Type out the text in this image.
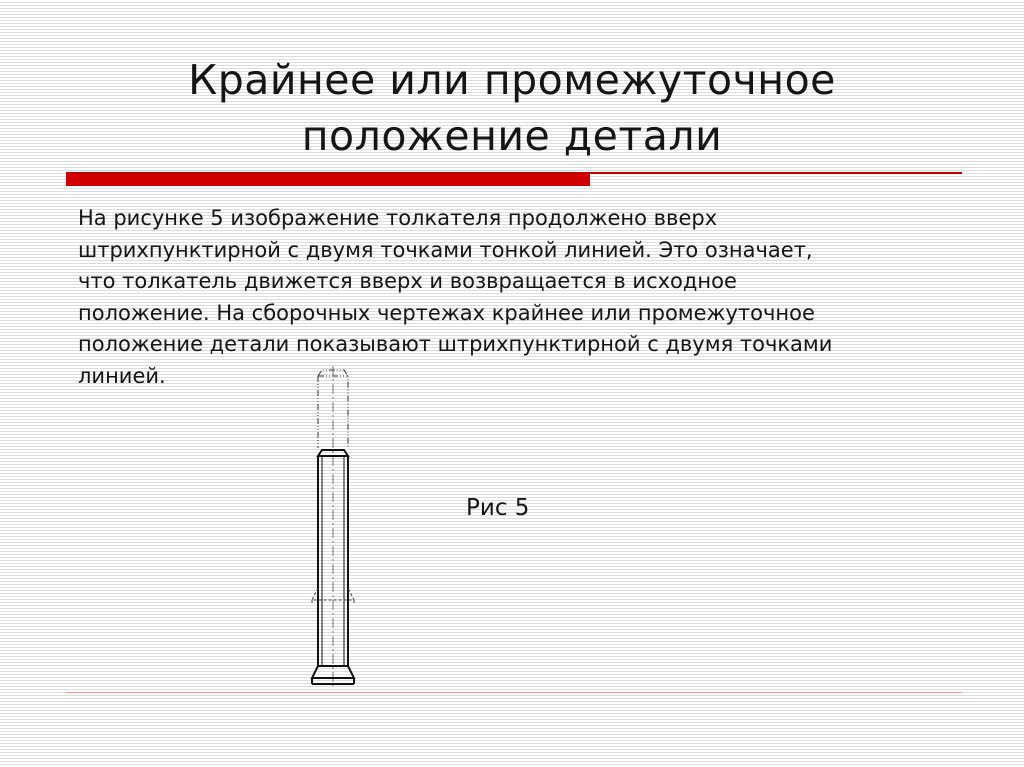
Крайнее или промежуточное
положение детали
На рисунке 5 изображение толкателя продолжено вверх
штрихпунктирной с двумя точками тонкой линией. Это означает,
что толкатель движется вверх и возвращается в исходное
положение. На сборочных чертежах крайнее или промежуточное
положение детали показывают штрихпунктирной с двумя точками
линией.
Рис 5
